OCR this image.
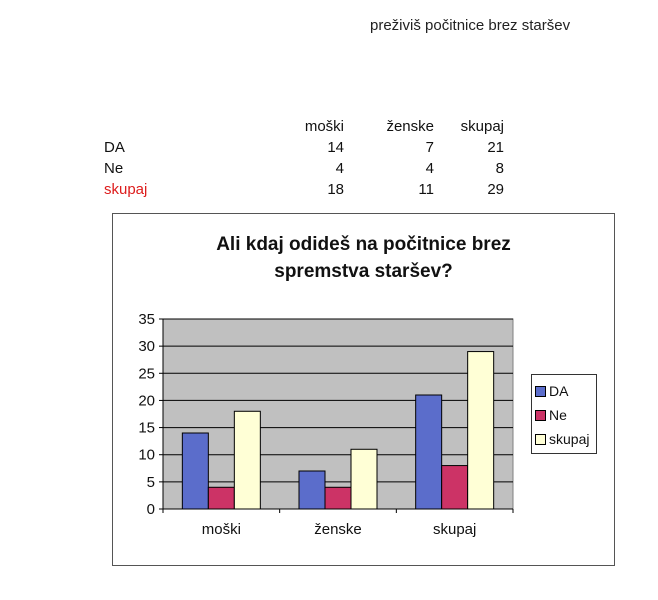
preživiš počitnice brez staršev
	moški	ženske	skupaj
DA	14	7	21
Ne	4	4	8
skupaj	18	11	29
Ali kdaj odideš na počitnice brez
spremstva staršev?
0
5
10
15
20
25
30
35
moški	ženske	skupaj
DA
Ne
skupaj
